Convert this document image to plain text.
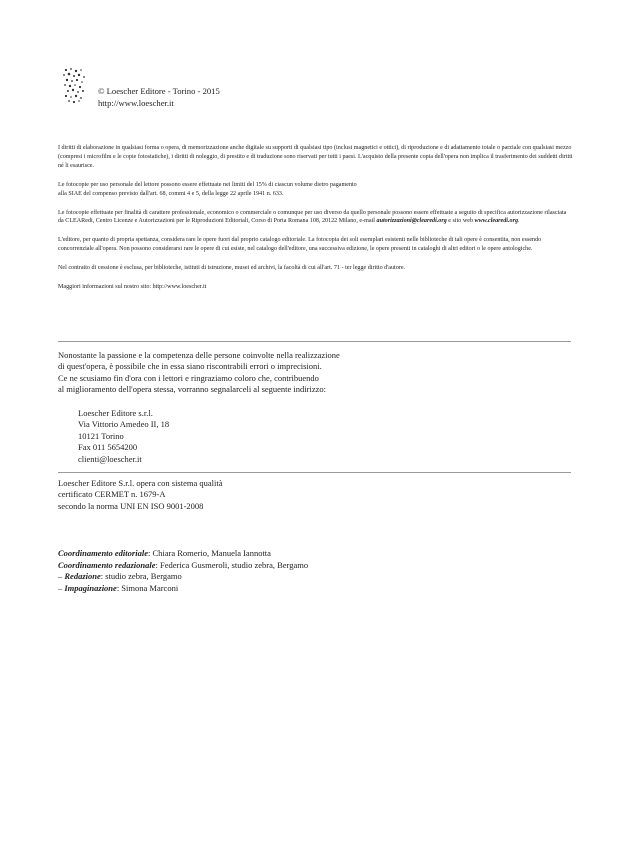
© Loescher Editore - Torino - 2015
http://www.loescher.it

I diritti di elaborazione in qualsiasi forma o opera, di memorizzazione anche digitale su supporti di qualsiasi tipo (inclusi magnetici e ottici), di riproduzione e di adattamento totale o parziale con qualsiasi mezzo (compresi i microfilm e le copie fotostatiche), i diritti di noleggio, di prestito e di traduzione sono riservati per tutti i paesi. L'acquisto della presente copia dell'opera non implica il trasferimento dei suddetti diritti né li esaurisce.

Le fotocopie per uso personale del lettore possono essere effettuate nei limiti del 15% di ciascun volume dietro pagamento
alla SIAE del compenso previsto dall'art. 68, commi 4 e 5, della legge 22 aprile 1941 n. 633.

Le fotocopie effettuate per finalità di carattere professionale, economico o commerciale o comunque per uso diverso da quello personale possono essere effettuate a seguito di specifica autorizzazione rilasciata da CLEARedi, Centro Licenze e Autorizzazioni per le Riproduzioni Editoriali, Corso di Porta Romana 108, 20122 Milano, e-mail autorizzazioni@clearedi.org e sito web www.clearedi.org.

L'editore, per quanto di propria spettanza, considera rare le opere fuori dal proprio catalogo editoriale. La fotocopia dei soli esemplari esistenti nelle biblioteche di tali opere è consentita, non essendo concorrenziale all'opera. Non possono considerarsi rare le opere di cui esiste, nel catalogo dell'editore, una successiva edizione, le opere presenti in cataloghi di altri editori o le opere antologiche.

Nel contratto di cessione è esclusa, per biblioteche, istituti di istruzione, musei ed archivi, la facoltà di cui all'art. 71 - ter legge diritto d'autore.

Maggiori informazioni sul nostro sito: http://www.loescher.it

Nonostante la passione e la competenza delle persone coinvolte nella realizzazione
di quest'opera, è possibile che in essa siano riscontrabili errori o imprecisioni.
Ce ne scusiamo fin d'ora con i lettori e ringraziamo coloro che, contribuendo
al miglioramento dell'opera stessa, vorranno segnalarceli al seguente indirizzo:
Loescher Editore s.r.l.
Via Vittorio Amedeo II, 18
10121 Torino
Fax 011 5654200
clienti@loescher.it
Loescher Editore S.r.l. opera con sistema qualità
certificato CERMET n. 1679-A
secondo la norma UNI EN ISO 9001-2008
Coordinamento editoriale: Chiara Romerio, Manuela Iannotta
Coordinamento redazionale: Federica Gusmeroli, studio zebra, Bergamo
– Redazione: studio zebra, Bergamo
– Impaginazione: Simona Marconi
